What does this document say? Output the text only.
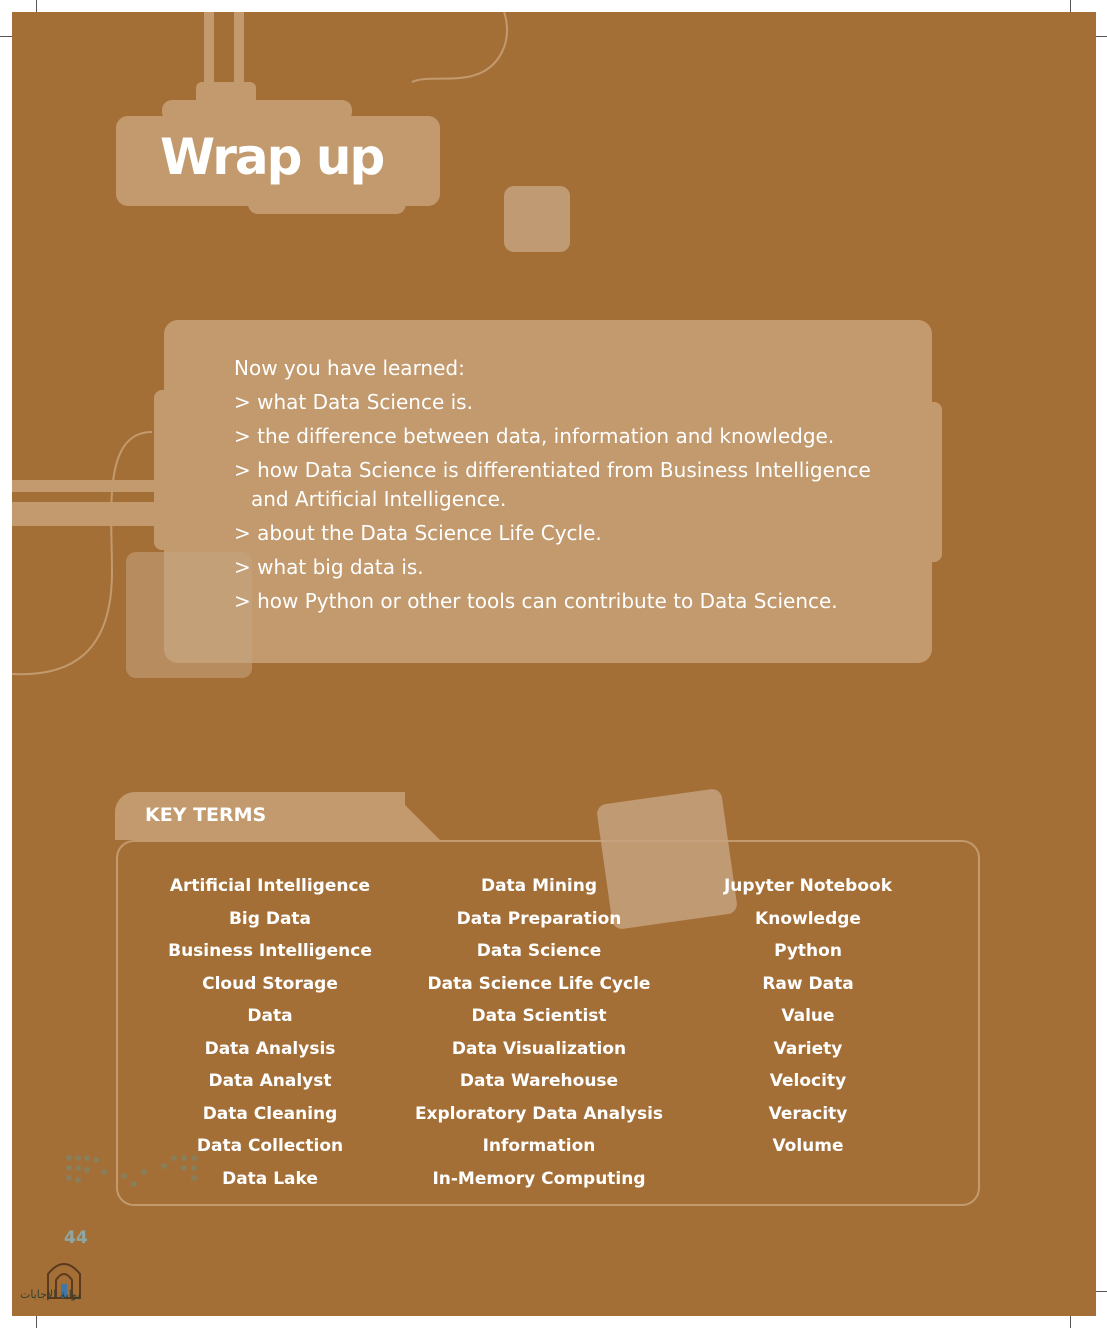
Wrap up
Now you have learned:
> what Data Science is.
> the difference between data, information and knowledge.
> how Data Science is differentiated from Business Intelligence and Artificial Intelligence.
> about the Data Science Life Cycle.
> what big data is.
> how Python or other tools can contribute to Data Science.
KEY TERMS
Artificial Intelligence
Big Data
Business Intelligence
Cloud Storage
Data
Data Analysis
Data Analyst
Data Cleaning
Data Collection
Data Lake
Data Mining
Data Preparation
Data Science
Data Science Life Cycle
Data Scientist
Data Visualization
Data Warehouse
Exploratory Data Analysis
Information
In-Memory Computing
Jupyter Notebook
Knowledge
Python
Raw Data
Value
Variety
Velocity
Veracity
Volume
44
بوابة الإجابات
